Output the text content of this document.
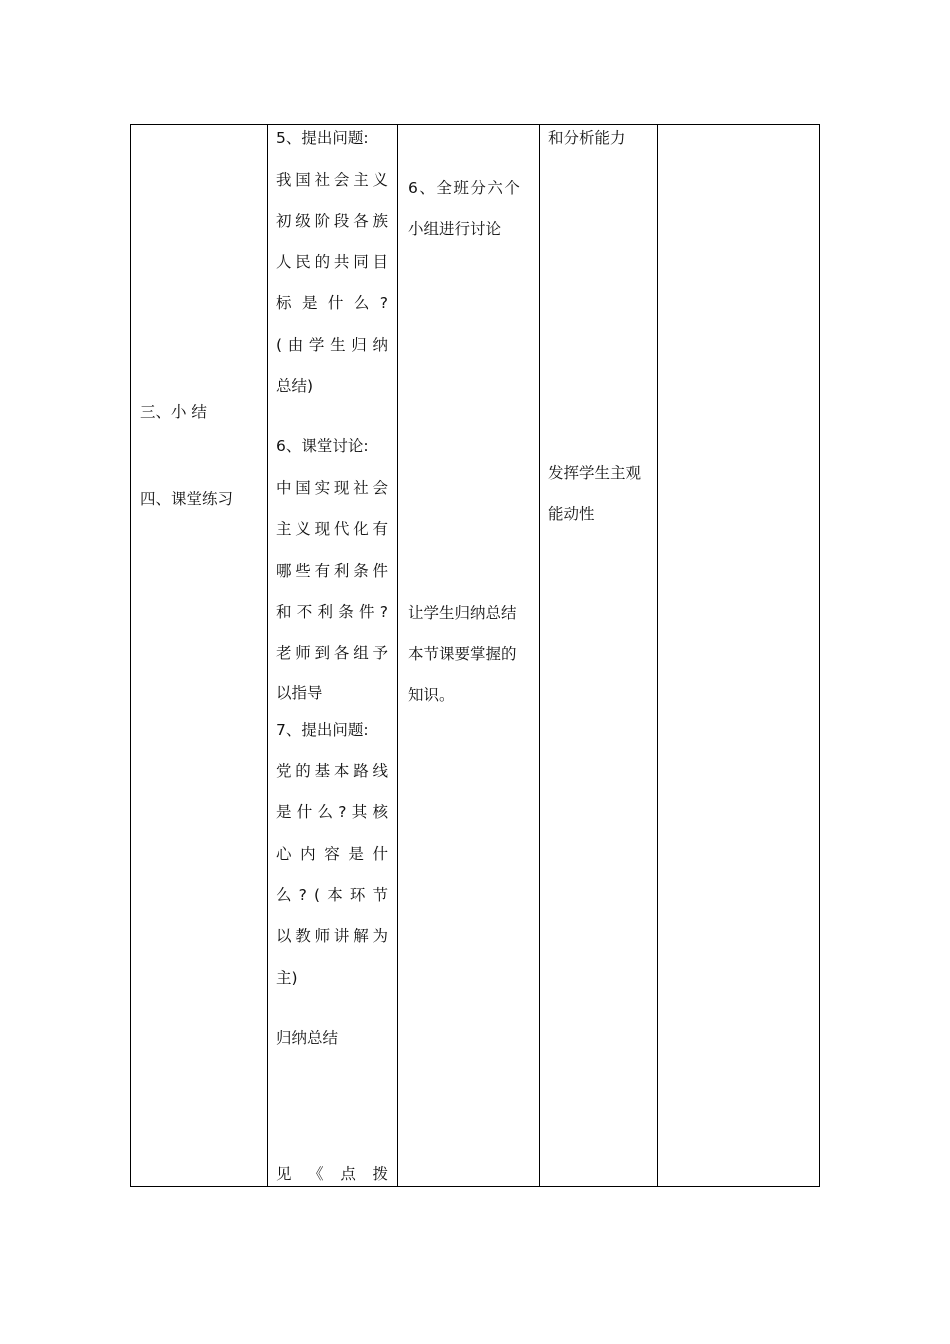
三、小 结
四、课堂练习
5、提出问题:
我 国 社 会 主 义
初 级 阶 段 各 族
人 民 的 共 同 目
标 是 什 么 ?
( 由 学 生 归 纳
总结)
6、课堂讨论:
中 国 实 现 社 会
主 义 现 代 化 有
哪 些 有 利 条 件
和 不 利 条 件 ?
老 师 到 各 组 予
以指导
7、提出问题:
党 的 基 本 路 线
是 什 么 ? 其 核
心 内 容 是 什
么 ? ( 本 环 节
以 教 师 讲 解 为
主)
归纳总结
见 《 点 拨
6、全班分六个
小组进行讨论
让学生归纳总结
本节课要掌握的
知识。
和分析能力
发挥学生主观
能动性
